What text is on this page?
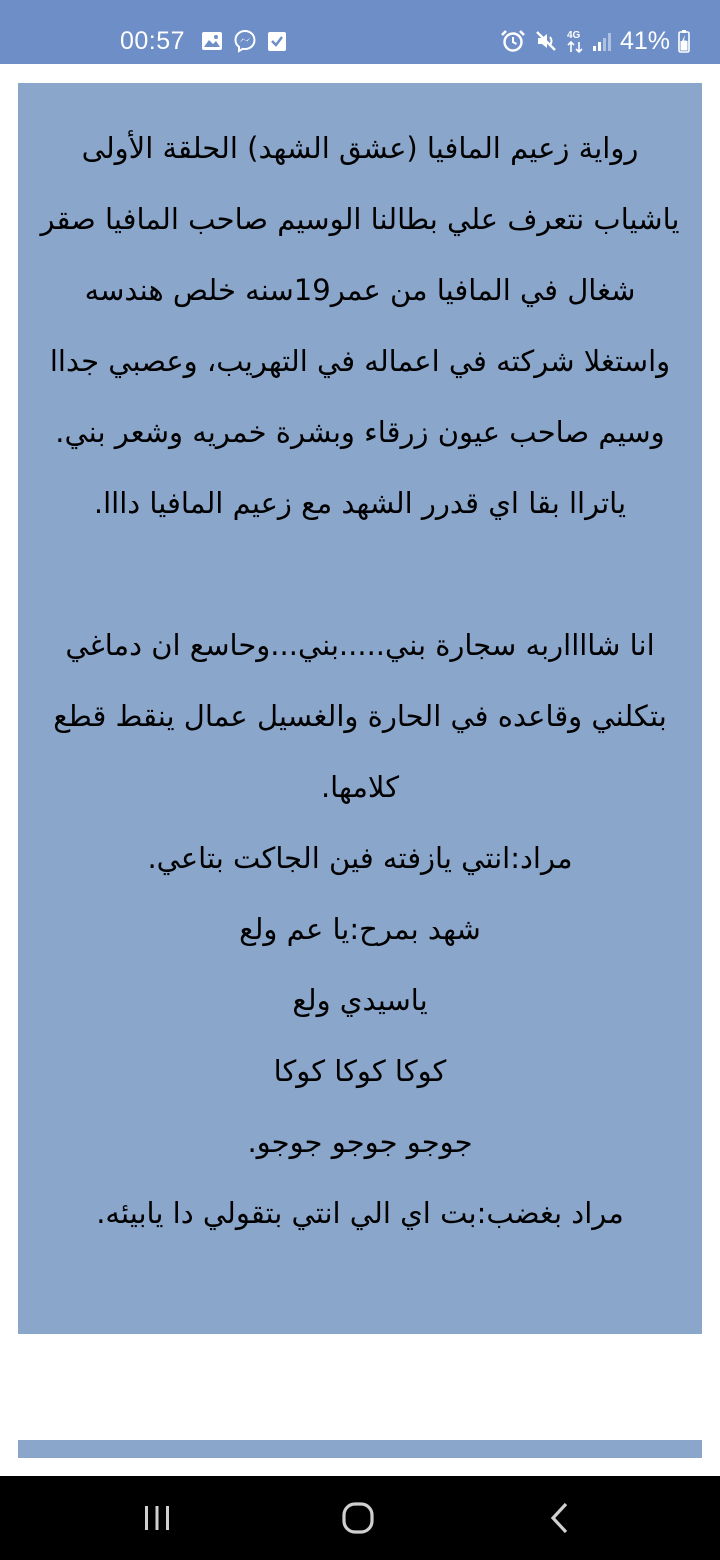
00:57	4G 41%

رواية زعيم المافيا (عشق الشهد) الحلقة الأولى
ياشياب نتعرف علي بطالنا الوسيم صاحب المافيا صقر شغال في المافيا من عمر19سنه خلص هندسه واستغلا شركته في اعماله في التهريب، وعصبي جداا وسيم صاحب عيون زرقاء وبشرة خمريه وشعر بني.
ياتراا بقا اي قدرر الشهد مع زعيم المافيا دااا.

انا شااااربه سجارة بني.....بني...وحاسع ان دماغي بتكلني وقاعده في الحارة والغسيل عمال ينقط قطع كلامها.
مراد:انتي يازفته فين الجاكت بتاعي.
شهد بمرح:يا عم ولع
ياسيدي ولع
كوكا كوكا كوكا
جوجو جوجو جوجو.
مراد بغضب:بت اي الي انتي بتقولي دا يابيئه.
